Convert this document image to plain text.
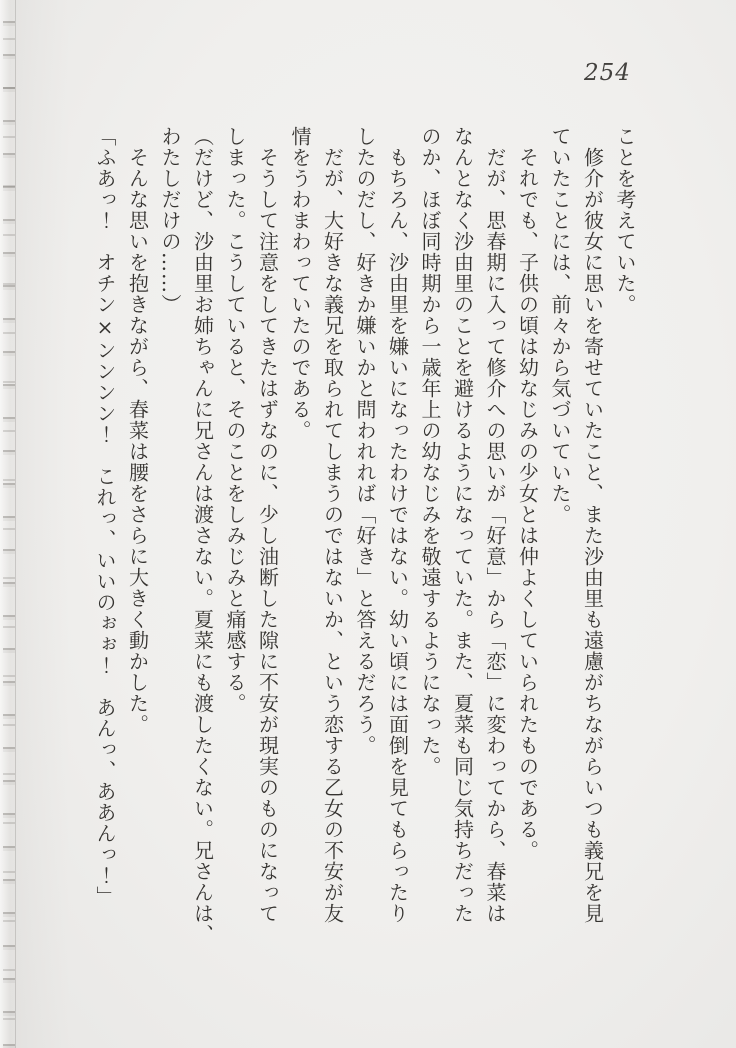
254
ことを考えていた。
　修介が彼女に思いを寄せていたこと、また沙由里も遠慮がちながらいつも義兄を見
ていたことには、前々から気づいていた。
　それでも、子供の頃は幼なじみの少女とは仲よくしていられたものである。
　だが、思春期に入って修介への思いが「好意」から「恋」に変わってから、春菜は
なんとなく沙由里のことを避けるようになっていた。また、夏菜も同じ気持ちだった
のか、ほぼ同時期から一歳年上の幼なじみを敬遠するようになった。
　もちろん、沙由里を嫌いになったわけではない。幼い頃には面倒を見てもらったり
したのだし、好きか嫌いかと問われれば「好き」と答えるだろう。
　だが、大好きな義兄を取られてしまうのではないか、という恋する乙女の不安が友
情をうわまわっていたのである。
　そうして注意をしてきたはずなのに、少し油断した隙に不安が現実のものになって
しまった。こうしていると、そのことをしみじみと痛感する。
（だけど、沙由里お姉ちゃんに兄さんは渡さない。夏菜にも渡したくない。兄さんは、
わたしだけの……）
　そんな思いを抱きながら、春菜は腰をさらに大きく動かした。
「ふあっ！　オチン×ンンンン！　これっ、いいのぉぉ！　あんっ、ああんっ！」
